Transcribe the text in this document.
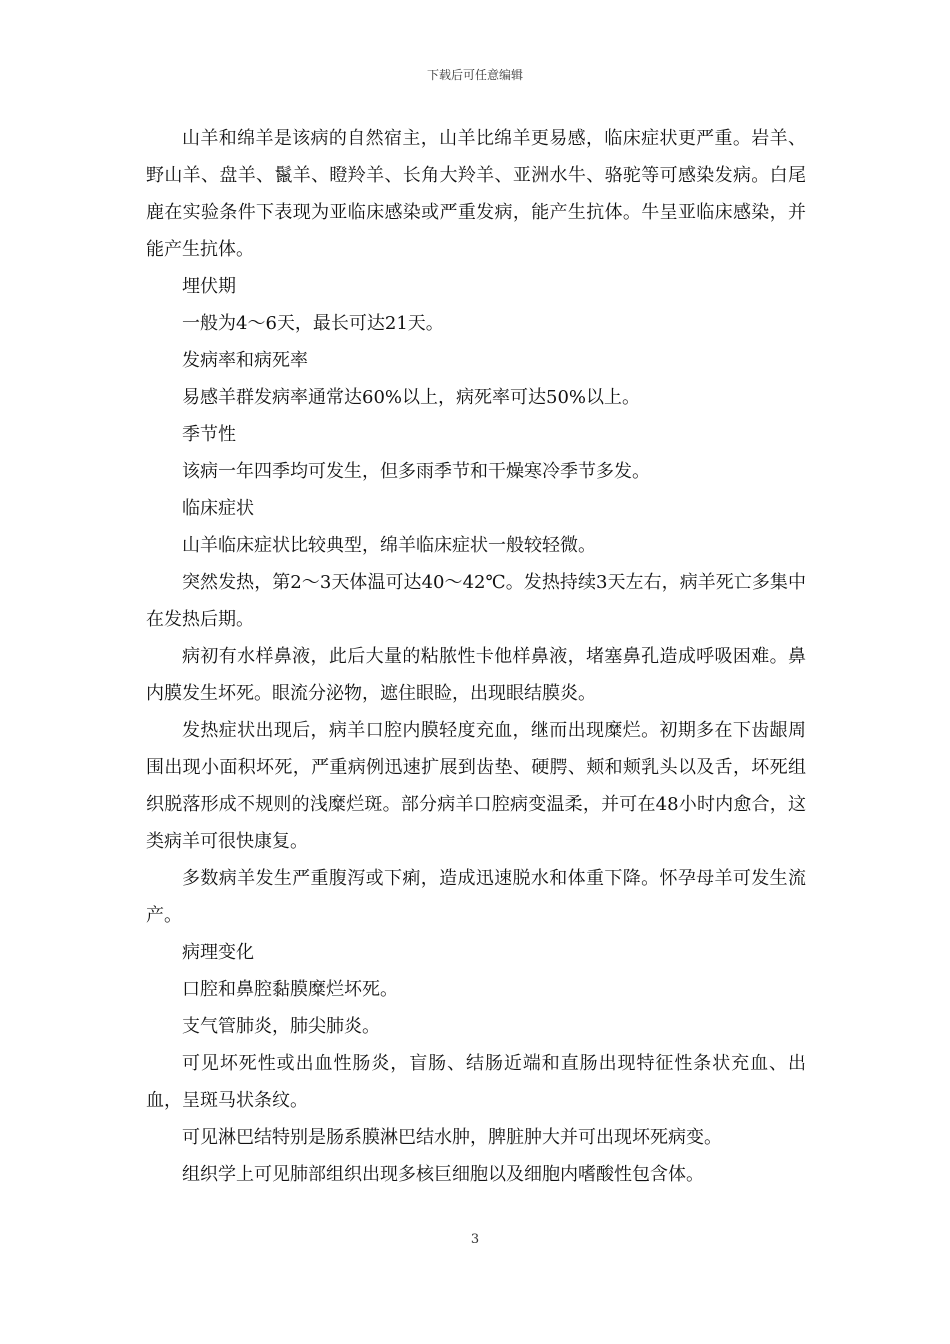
下载后可任意编辑

山羊和绵羊是该病的自然宿主，山羊比绵羊更易感，临床症状更严重。岩羊、野山羊、盘羊、鬣羊、瞪羚羊、长角大羚羊、亚洲水牛、骆驼等可感染发病。白尾鹿在实验条件下表现为亚临床感染或严重发病，能产生抗体。牛呈亚临床感染，并能产生抗体。

埋伏期

一般为4～6天，最长可达21天。

发病率和病死率

易感羊群发病率通常达60%以上，病死率可达50%以上。

季节性

该病一年四季均可发生，但多雨季节和干燥寒冷季节多发。

临床症状

山羊临床症状比较典型，绵羊临床症状一般较轻微。

突然发热，第2～3天体温可达40～42℃。发热持续3天左右，病羊死亡多集中在发热后期。

病初有水样鼻液，此后大量的粘脓性卡他样鼻液，堵塞鼻孔造成呼吸困难。鼻内膜发生坏死。眼流分泌物，遮住眼睑，出现眼结膜炎。

发热症状出现后，病羊口腔内膜轻度充血，继而出现糜烂。初期多在下齿龈周围出现小面积坏死，严重病例迅速扩展到齿垫、硬腭、颊和颊乳头以及舌，坏死组织脱落形成不规则的浅糜烂斑。部分病羊口腔病变温柔，并可在48小时内愈合，这类病羊可很快康复。

多数病羊发生严重腹泻或下痢，造成迅速脱水和体重下降。怀孕母羊可发生流产。

病理变化

口腔和鼻腔黏膜糜烂坏死。

支气管肺炎，肺尖肺炎。

可见坏死性或出血性肠炎，盲肠、结肠近端和直肠出现特征性条状充血、出血，呈斑马状条纹。

可见淋巴结特别是肠系膜淋巴结水肿，脾脏肿大并可出现坏死病变。

组织学上可见肺部组织出现多核巨细胞以及细胞内嗜酸性包含体。

3
